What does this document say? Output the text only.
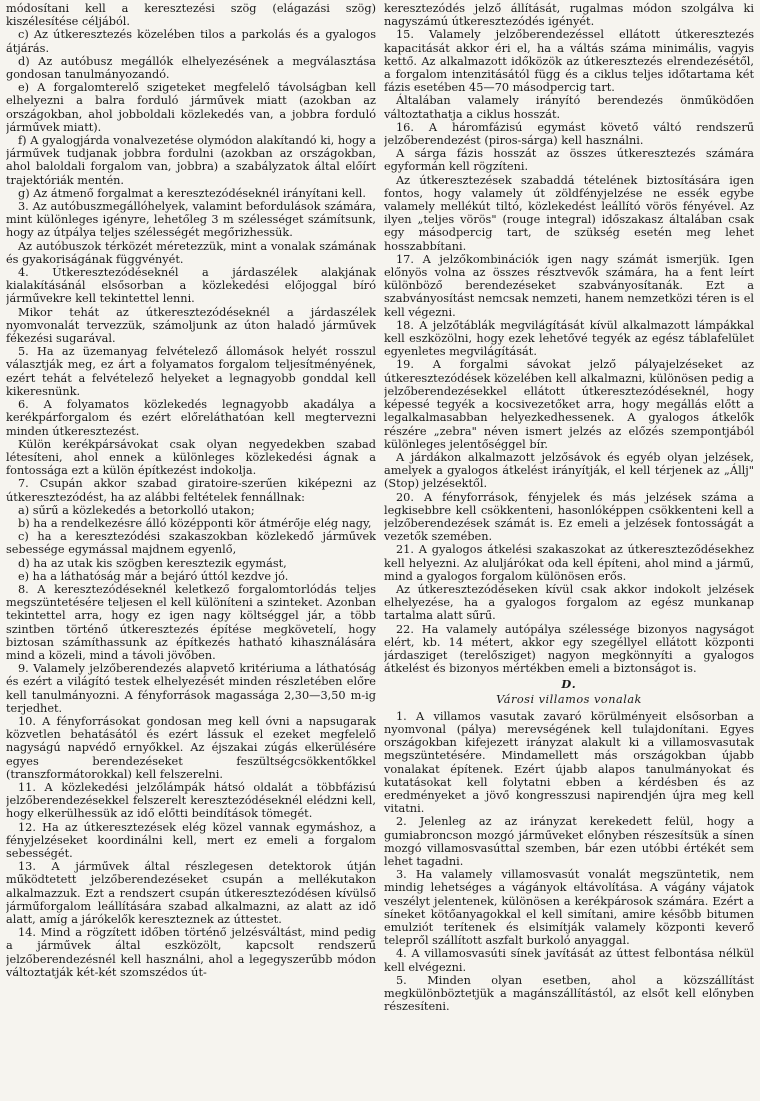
módosítani kell a keresztezési szög (elágazási szög) kiszélesítése céljából.

c) Az útkeresztezés közelében tilos a parkolás és a gyalogos átjárás.

d) Az autóbusz megállók elhelyezésének a megválasztása gondosan tanulmányozandó.

e) A forgalomterelő szigeteket megfelelő távolságban kell elhelyezni a balra forduló járművek miatt (azokban az országokban, ahol jobboldali közlekedés van, a jobbra forduló járművek miatt).

f) A gyalogjárda vonalvezetése olymódon alakítandó ki, hogy a járművek tudjanak jobbra fordulni (azokban az országokban, ahol baloldali forgalom van, jobbra) a szabályzatok által előírt trajektóriák mentén.

g) Az átmenő forgalmat a keresztezódéseknél irányítani kell.

3. Az autóbuszmegállóhelyek, valamint befordulások számára, mint különleges igényre, lehetőleg 3 m szélességet számítsunk, hogy az útpálya teljes szélességét megőrizhessük.

Az autóbuszok térközét méretezzük, mint a vonalak számának és gyakoriságának függvényét.

4. Útkeresztezódéseknél a járdaszélek alakjának kialakításánál elsősorban a közlekedési előjoggal bíró járművekre kell tekintettel lenni.

Mikor tehát az útkeresztezódéseknél a járdaszélek nyomvonalát tervezzük, számoljunk az úton haladó járművek fékezési sugarával.

5. Ha az üzemanyag felvételező állomások helyét rosszul választják meg, ez árt a folyamatos forgalom teljesítményének, ezért tehát a felvételező helyeket a legnagyobb gonddal kell kikeresnünk.

6. A folyamatos közlekedés legnagyobb akadálya a kerékpárforgalom és ezért előreláthatóan kell megtervezni minden útkeresztezést.

Külön kerékpársávokat csak olyan negyedekben szabad létesíteni, ahol ennek a különleges közlekedési ágnak a fontossága ezt a külön építkezést indokolja.

7. Csupán akkor szabad giratoire-szerűen kiképezni az útkeresztezódést, ha az alábbi feltételek fennállnak:

a) sűrű a közlekedés a betorkolló utakon;

b) ha a rendelkezésre álló középponti kör átmérője elég nagy,

c) ha a keresztezódési szakaszokban közlekedő járművek sebessége egymással majdnem egyenlő,

d) ha az utak kis szögben keresztezik egymást,

e) ha a láthatóság már a bejáró úttól kezdve jó.

8. A keresztezódéseknél keletkező forgalomtorlódás teljes megszüntetésére teljesen el kell különíteni a szinteket. Azonban tekintettel arra, hogy ez igen nagy költséggel jár, a több szintben történő útkeresztezés építése megkövetelí, hogy biztosan számíthassunk az építkezés hatható kihasználására mind a közeli, mind a távoli jövőben.

9. Valamely jelzőberendezés alapvető kritériuma a láthatóság és ezért a világító testek elhelyezését minden részletében előre kell tanulmányozni. A fényforrások magassága 2,30—3,50 m-ig terjedhet.

10. A fényforrásokat gondosan meg kell óvni a napsugarak közvetlen behatásától és ezért lássuk el ezeket megfelelő nagyságú napvédő ernyőkkel. Az éjszakai zúgás elkerülésére egyes berendezéseket feszültségcsökkentőkkel (transzformátorokkal) kell felszerelni.

11. A közlekedési jelzőlámpák hátsó oldalát a többfázisú jelzőberendezésekkel felszerelt keresztezódéseknél elédzni kell, hogy elkerülhessük az idő előtti beindítások tömegét.

12. Ha az útkeresztezések elég közel vannak egymáshoz, a fényjelzéseket koordinálni kell, mert ez emeli a forgalom sebességét.

13. A járművek által részlegesen detektorok útján működtetett jelzőberendezéseket csupán a mellékutakon alkalmazzuk. Ezt a rendszert csupán útkeresztezódésen kívülső járműforgalom leállítására szabad alkalmazni, az alatt az idő alatt, amíg a járókelők kereszteznek az úttestet.

14. Mind a rögzített időben történő jelzésváltást, mind pedig a járművek által eszközölt, kapcsolt rendszerű jelzőberendezésnél kell használni, ahol a legegyszerűbb módon változtatják két-két szomszédos út-

keresztezódés jelző állítását, rugalmas módon szolgálva ki nagyszámú útkeresztezódés igényét.

15. Valamely jelzőberendezéssel ellátott útkeresztezés kapacitását akkor éri el, ha a váltás száma minimális, vagyis kettő. Az alkalmazott időközök az útkeresztezés elrendezésétől, a forgalom intenzitásától függ és a ciklus teljes időtartama két fázis esetében 45—70 másodpercig tart.

Általában valamely irányító berendezés önműködően változtathatja a ciklus hosszát.

16. A háromfázisú egymást követő váltó rendszerű jelzőberendezést (piros-sárga) kell használni.

A sárga fázis hosszát az összes útkeresztezés számára egyformán kell rögzíteni.

Az útkeresztezések szabaddá tételének biztosítására igen fontos, hogy valamely út zöldfényjelzése ne essék egybe valamely mellékút tiltó, közlekedést leállító vörös fényével. Az ilyen „teljes vörös" (rouge integral) időszakasz általában csak egy másodpercig tart, de szükség esetén meg lehet hosszabbítani.

17. A jelzőkombinációk igen nagy számát ismerjük. Igen előnyös volna az összes résztvevők számára, ha a fent leírt különböző berendezéseket szabványosítanák. Ezt a szabványosítást nemcsak nemzeti, hanem nemzetközi téren is el kell végezni.

18. A jelzőtáblák megvilágítását kívül alkalmazott lámpákkal kell eszközölni, hogy ezek lehetővé tegyék az egész táblafelület egyenletes megvilágítását.

19. A forgalmi sávokat jelző pályajelzéseket az útkeresztezódések közelében kell alkalmazni, különösen pedig a jelzőberendezésekkel ellátott útkeresztezódéseknél, hogy képessé tegyék a kocsivezetőket arra, hogy megállás előtt a legalkalmasabban helyezkedhessenek. A gyalogos átkelők részére „zebra" néven ismert jelzés az előzés szempontjából különleges jelentőséggel bír.

A járdákon alkalmazott jelzősávok és egyéb olyan jelzések, amelyek a gyalogos átkelést irányítják, el kell térjenek az „Állj" (Stop) jelzésektől.

20. A fényforrások, fényjelek és más jelzések száma a legkisebbre kell csökkenteni, hasonlóképpen csökkenteni kell a jelzőberendezések számát is. Ez emeli a jelzések fontosságát a vezetők szemében.

21. A gyalogos átkelési szakaszokat az útkereszteződésekhez kell helyezni. Az aluljárókat oda kell építeni, ahol mind a jármű, mind a gyalogos forgalom különösen erős.

Az útkeresztezódéseken kívül csak akkor indokolt jelzések elhelyezése, ha a gyalogos forgalom az egész munkanap tartalma alatt sűrű.

22. Ha valamely autópálya szélessége bizonyos nagyságot elért, kb. 14 métert, akkor egy szegéllyel ellátott központi járdasziget (terelősziget) nagyon megkönnyíti a gyalogos átkelést és bizonyos mértékben emeli a biztonságot is.

D.

Városi villamos vonalak

1. A villamos vasutak zavaró körülményeit elsősorban a nyomvonal (pálya) merevségének kell tulajdonítani. Egyes országokban kifejezett irányzat alakult ki a villamosvasutak megszüntetésére. Mindamellett más országokban újabb vonalakat építenek. Ezért újabb alapos tanulmányokat és kutatásokat kell folytatni ebben a kérdésben és az eredményeket a jövő kongresszusi napirendjén újra meg kell vitatni.

2. Jelenleg az az irányzat kerekedett felül, hogy a gumiabroncson mozgó járműveket előnyben részesítsük a sínen mozgó villamosvasúttal szemben, bár ezen utóbbi értékét sem lehet tagadni.

3. Ha valamely villamosvasút vonalát megszüntetik, nem mindig lehetséges a vágányok eltávolítása. A vágány vájatok veszélyt jelentenek, különösen a kerékpárosok számára. Ezért a síneket kötőanyagokkal el kell simítani, amire később bitumen emulziót terítenek és elsimítják valamely központi keverő telepről szállított aszfalt burkoló anyaggal.

4. A villamosvasúti sínek javítását az úttest felbontása nélkül kell elvégezni.

5. Minden olyan esetben, ahol a közszállítást megkülönböztetjük a magánszállítástól, az elsőt kell előnyben részesíteni.
